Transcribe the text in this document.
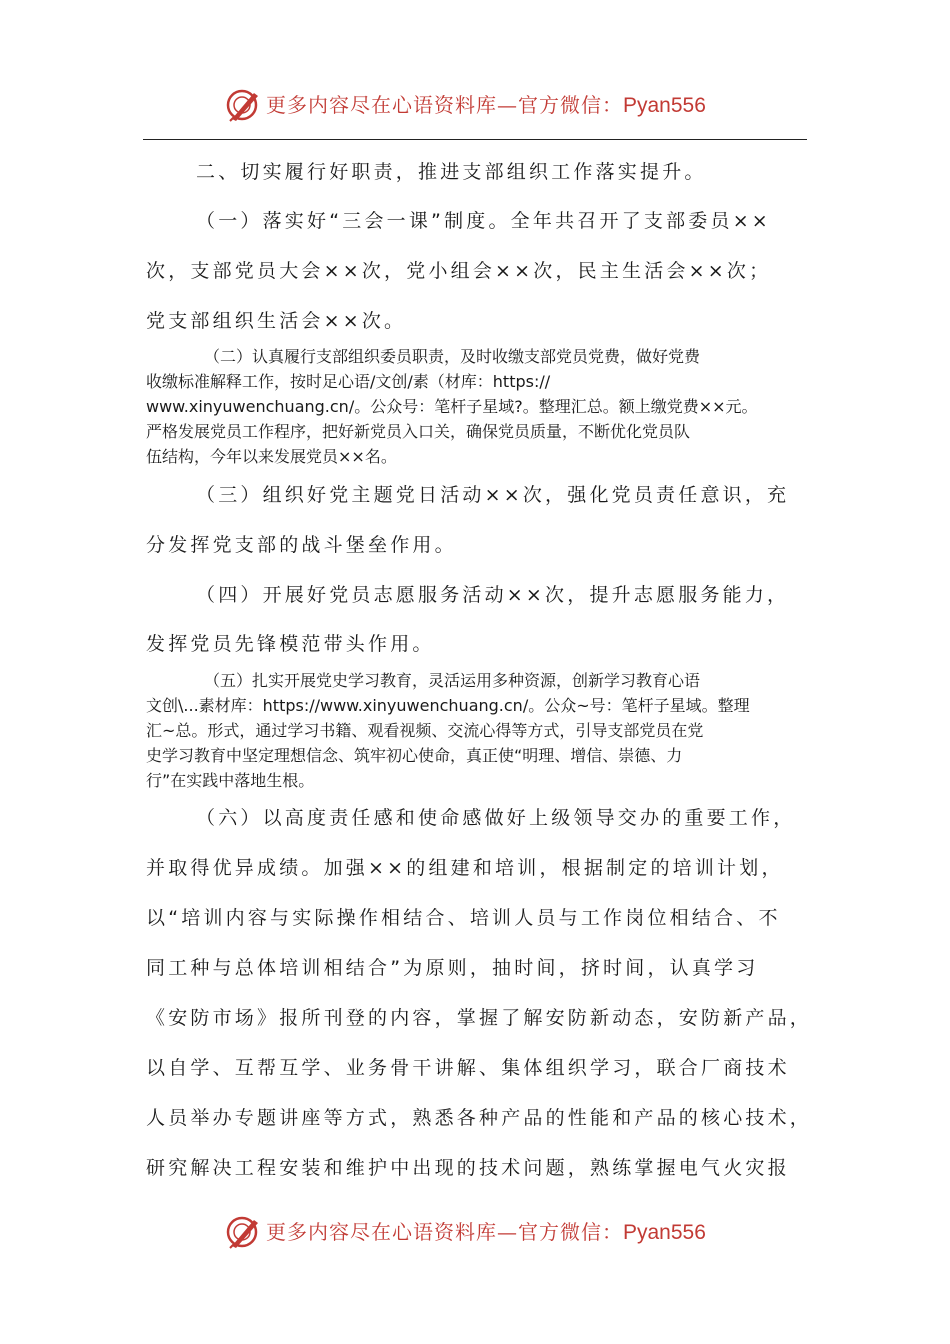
更多内容尽在心语资料库—官方微信：Pyan556
二、切实履行好职责，推进支部组织工作落实提升。
（一）落实好“三会一课”制度。全年共召开了支部委员××
次，支部党员大会××次，党小组会××次，民主生活会××次；
党支部组织生活会××次。
（二）认真履行支部组织委员职责，及时收缴支部党员党费，做好党费
收缴标准解释工作，按时足心语/文创/素（材库：https://
www.xinyuwenchuang.cn/。公众号：笔杆子星域?。整理汇总。额上缴党费××元。
严格发展党员工作程序，把好新党员入口关，确保党员质量，不断优化党员队
伍结构，今年以来发展党员××名。
（三）组织好党主题党日活动××次，强化党员责任意识，充
分发挥党支部的战斗堡垒作用。
（四）开展好党员志愿服务活动××次，提升志愿服务能力，
发挥党员先锋模范带头作用。
（五）扎实开展党史学习教育，灵活运用多种资源，创新学习教育心语
文创\...素材库：https://www.xinyuwenchuang.cn/。公众~号：笔杆子星域。整理
汇~总。形式，通过学习书籍、观看视频、交流心得等方式，引导支部党员在党
史学习教育中坚定理想信念、筑牢初心使命，真正使“明理、增信、崇德、力
行”在实践中落地生根。
（六）以高度责任感和使命感做好上级领导交办的重要工作，
并取得优异成绩。加强××的组建和培训，根据制定的培训计划，
以“培训内容与实际操作相结合、培训人员与工作岗位相结合、不
同工种与总体培训相结合”为原则，抽时间，挤时间，认真学习
《安防市场》报所刊登的内容，掌握了解安防新动态，安防新产品，
以自学、互帮互学、业务骨干讲解、集体组织学习，联合厂商技术
人员举办专题讲座等方式，熟悉各种产品的性能和产品的核心技术，
研究解决工程安装和维护中出现的技术问题，熟练掌握电气火灾报
更多内容尽在心语资料库—官方微信：Pyan556
